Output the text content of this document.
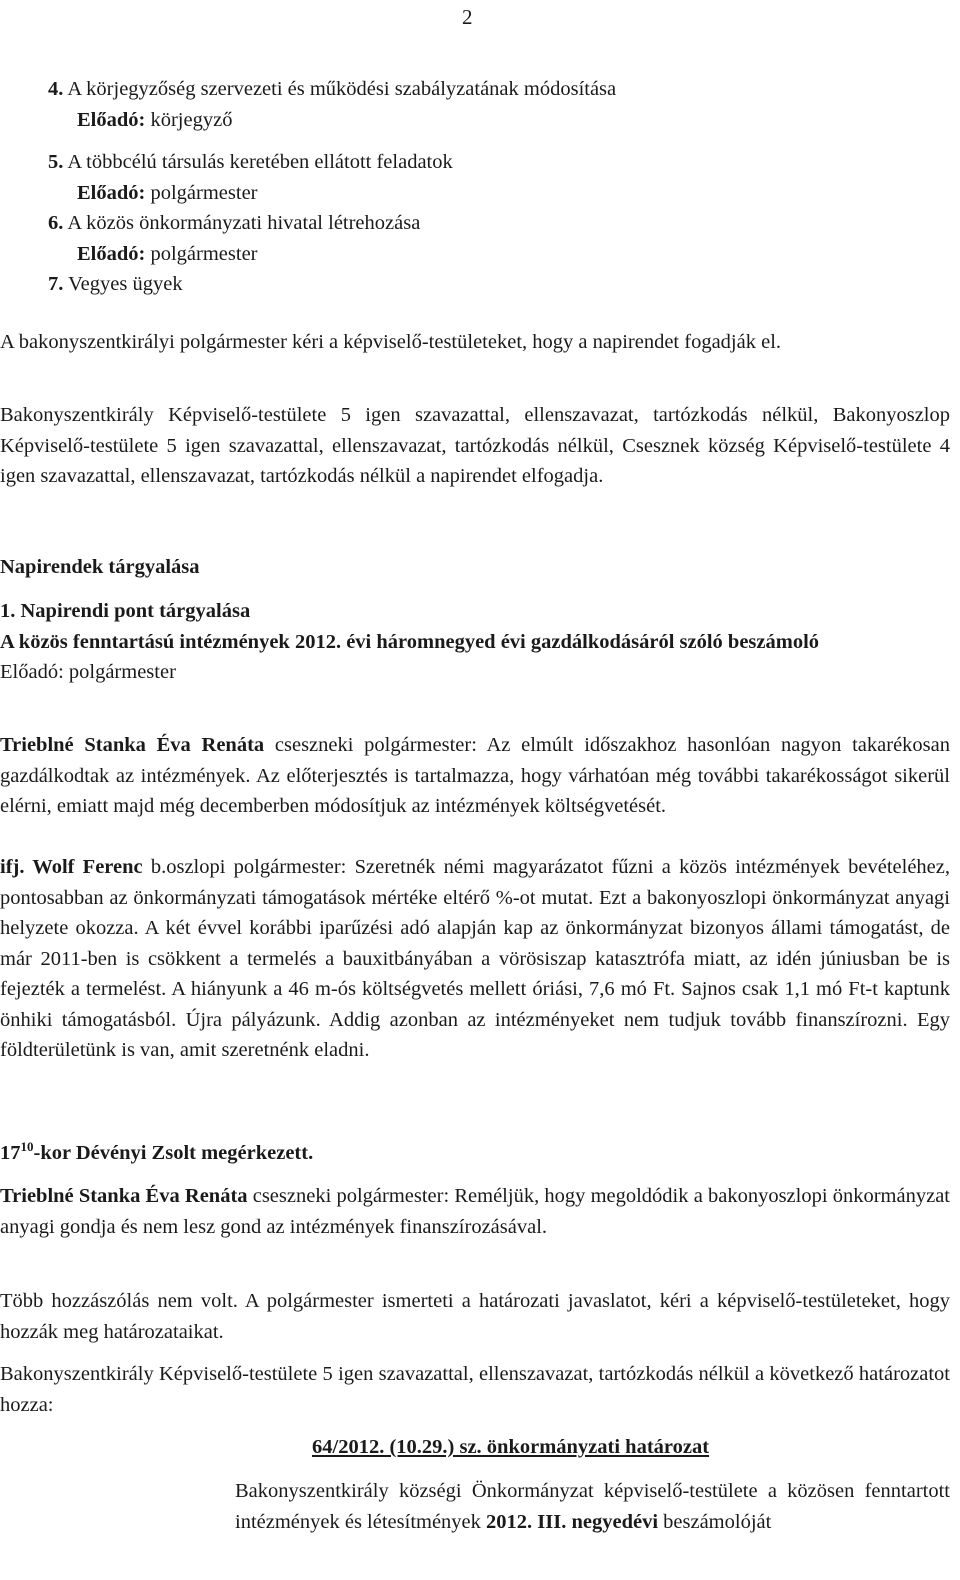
2

4. A körjegyzőség szervezeti és működési szabályzatának módosítása

Előadó: körjegyző

5. A többcélú társulás keretében ellátott feladatok

Előadó: polgármester

6. A közös önkormányzati hivatal létrehozása

Előadó: polgármester

7. Vegyes ügyek

A bakonyszentkirályi polgármester kéri a képviselő-testületeket, hogy a napirendet fogadják el.

Bakonyszentkirály Képviselő-testülete 5 igen szavazattal, ellenszavazat, tartózkodás nélkül, Bakonyoszlop Képviselő-testülete 5 igen szavazattal, ellenszavazat, tartózkodás nélkül, Csesznek község Képviselő-testülete 4 igen szavazattal, ellenszavazat, tartózkodás nélkül a napirendet elfogadja.

Napirendek tárgyalása

1. Napirendi pont tárgyalása

A közös fenntartású intézmények 2012. évi háromnegyed évi gazdálkodásáról szóló beszámoló

Előadó: polgármester

Trieblné Stanka Éva Renáta cseszneki polgármester: Az elmúlt időszakhoz hasonlóan nagyon takarékosan gazdálkodtak az intézmények. Az előterjesztés is tartalmazza, hogy várhatóan még további takarékosságot sikerül elérni, emiatt majd még decemberben módosítjuk az intézmények költségvetését.

ifj. Wolf Ferenc b.oszlopi polgármester: Szeretnék némi magyarázatot fűzni a közös intézmények bevételéhez, pontosabban az önkormányzati támogatások mértéke eltérő %-ot mutat. Ezt a bakonyoszlopi önkormányzat anyagi helyzete okozza. A két évvel korábbi iparűzési adó alapján kap az önkormányzat bizonyos állami támogatást, de már 2011-ben is csökkent a termelés a bauxitbányában a vörösiszap katasztrófa miatt, az idén júniusban be is fejezték a termelést. A hiányunk a 46 m-ós költségvetés mellett óriási, 7,6 mó Ft. Sajnos csak 1,1 mó Ft-t kaptunk önhiki támogatásból. Újra pályázunk. Addig azonban az intézményeket nem tudjuk tovább finanszírozni. Egy földterületünk is van, amit szeretnénk eladni.

$17^{10}$-kor Dévényi Zsolt megérkezett.

Trieblné Stanka Éva Renáta cseszneki polgármester: Reméljük, hogy megoldódik a bakonyoszlopi önkormányzat anyagi gondja és nem lesz gond az intézmények finanszírozásával.

Több hozzászólás nem volt. A polgármester ismerteti a határozati javaslatot, kéri a képviselő-testületeket, hogy hozzák meg határozataikat.

Bakonyszentkirály Képviselő-testülete 5 igen szavazattal, ellenszavazat, tartózkodás nélkül a következő határozatot hozza:

64/2012. (10.29.) sz. önkormányzati határozat

Bakonyszentkirály községi Önkormányzat képviselő-testülete a közösen fenntartott intézmények és létesítmények 2012. III. negyedévi beszámolóját
